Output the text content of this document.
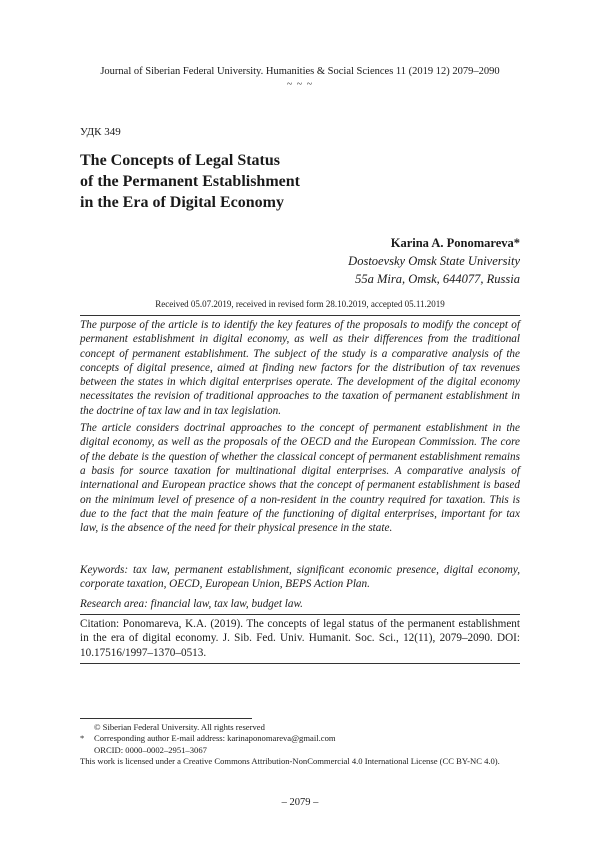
Journal of Siberian Federal University. Humanities & Social Sciences 11 (2019 12) 2079–2090
~ ~ ~
УДК 349
The Concepts of Legal Status
of the Permanent Establishment
in the Era of Digital Economy
Karina A. Ponomareva*
Dostoevsky Omsk State University
55a Mira, Omsk, 644077, Russia
Received 05.07.2019, received in revised form 28.10.2019, accepted 05.11.2019

The purpose of the article is to identify the key features of the proposals to modify the concept of permanent establishment in digital economy, as well as their differences from the traditional concept of permanent establishment. The subject of the study is a comparative analysis of the concepts of digital presence, aimed at finding new factors for the distribution of tax revenues between the states in which digital enterprises operate. The development of the digital economy necessitates the revision of traditional approaches to the taxation of permanent establishment in the doctrine of tax law and in tax legislation.

The article considers doctrinal approaches to the concept of permanent establishment in the digital economy, as well as the proposals of the OECD and the European Commission. The core of the debate is the question of whether the classical concept of permanent establishment remains a basis for source taxation for multinational digital enterprises. A comparative analysis of international and European practice shows that the concept of permanent establishment is based on the minimum level of presence of a non-resident in the country required for taxation. This is due to the fact that the main feature of the functioning of digital enterprises, important for tax law, is the absence of the need for their physical presence in the state.

Keywords: tax law, permanent establishment, significant economic presence, digital economy, corporate taxation, OECD, European Union, BEPS Action Plan.
Research area: financial law, tax law, budget law.
Citation: Ponomareva, K.A. (2019). The concepts of legal status of the permanent establishment in the era of digital economy. J. Sib. Fed. Univ. Humanit. Soc. Sci., 12(11), 2079–2090. DOI: 10.17516/1997–1370–0513.
© Siberian Federal University. All rights reserved
* Corresponding author E-mail address: karinaponomareva@gmail.com
ORCID: 0000–0002–2951–3067
This work is licensed under a Creative Commons Attribution-NonCommercial 4.0 International License (CC BY-NC 4.0).
– 2079 –
